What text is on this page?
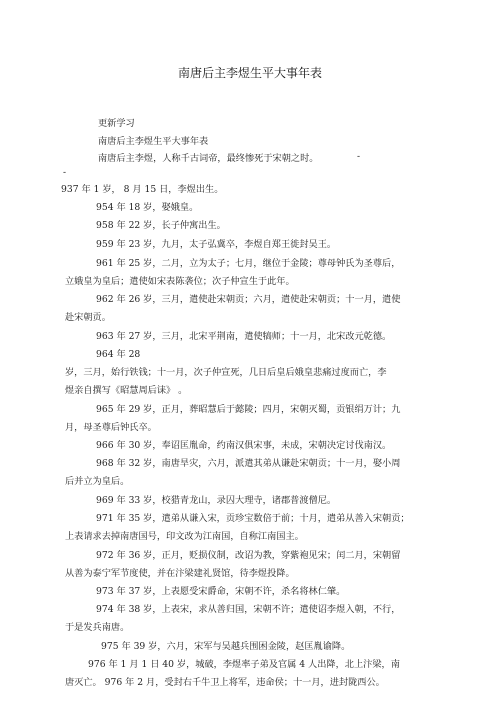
南唐后主李煜生平大事年表
更新学习
南唐后主李煜生平大事年表
南唐后主李煜，人称千古词帝，最终惨死于宋朝之时。	-
-
937 年 1 岁， 8 月 15 日，李煜出生。
954 年 18 岁，娶娥皇。
958 年 22 岁，长子仲寓出生。
959 年 23 岁，九月，太子弘冀卒，李煜自郑王徙封吴王。
961 年 25 岁，二月，立为太子；七月，继位于金陵；尊母钟氏为圣尊后，
立娥皇为皇后；遣使如宋表陈袭位；次子仲宣生于此年。
962 年 26 岁，三月，遣使赴宋朝贡；六月，遣使赴宋朝贡；十一月，遣使
赴宋朝贡。
963 年 27 岁，三月，北宋平荆南，遣使犒师；十一月，北宋改元乾德。
964 年 28
岁，三月，始行铁钱；十一月，次子仲宣死，几日后皇后娥皇悲痛过度而亡，李
煜亲自撰写《昭慧周后诔》 。
965 年 29 岁，正月，葬昭慧后于懿陵；四月，宋朝灭蜀，贡银绢万计；九
月，母圣尊后钟氏卒。
966 年 30 岁，奉诏匡胤命，约南汉俱宋事，未成，宋朝决定讨伐南汉。
968 年 32 岁，南唐旱灾，六月，派遣其弟从谦赴宋朝贡；十一月，娶小周
后并立为皇后。
969 年 33 岁，校猎青龙山，录囚大理寺，诸郡普渡僧尼。
971 年 35 岁，遣弟从谦入宋，贡珍宝数倍于前；十月，遣弟从善入宋朝贡；
上表请求去掉南唐国号，印文改为江南国，自称江南国主。
972 年 36 岁，正月，贬损仪制，改诏为教，穿紫袍见宋；闰二月，宋朝留
从善为泰宁军节度使，并在汴梁建礼贤馆，待李煜投降。
973 年 37 岁，上表愿受宋爵命，宋朝不许，杀名将林仁肇。
974 年 38 岁，上表宋，求从善归国，宋朝不许；遣使诏李煜入朝，不行，
于是发兵南唐。
975 年 39 岁，六月，宋军与吴越兵围困金陵，赵匡胤谕降。
976 年 1 月 1 日 40 岁，城破，李煜率子弟及官属 4 人出降，北上汴梁，南
唐灭亡。 976 年 2 月，受封右千牛卫上将军，违命侯；十一月，进封陇西公。
